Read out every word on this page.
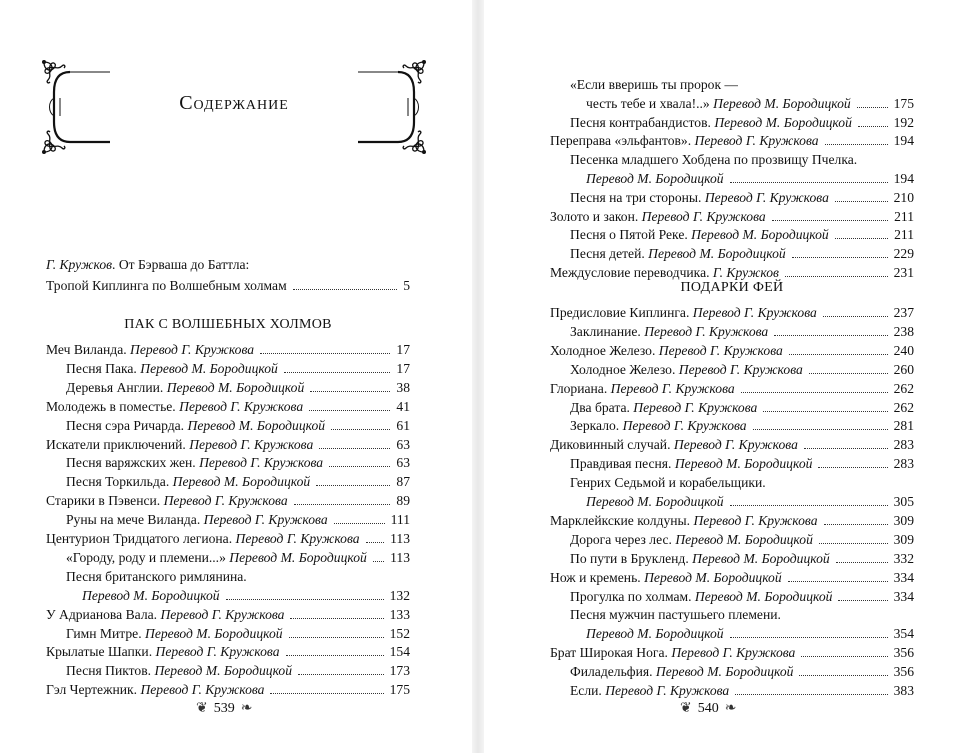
Содержание
Г. Кружков. От Бэрваша до Баттла:
Тропой Киплинга по Волшебным холмам	5
ПАК С ВОЛШЕБНЫХ ХОЛМОВ
Меч Виланда. Перевод Г. Кружкова	17
Песня Пака. Перевод М. Бородицкой	17
Деревья Англии. Перевод М. Бородицкой	38
Молодежь в поместье. Перевод Г. Кружкова	41
Песня сэра Ричарда. Перевод М. Бородицкой	61
Искатели приключений. Перевод Г. Кружкова	63
Песня варяжских жен. Перевод Г. Кружкова	63
Песня Торкильда. Перевод М. Бородицкой	87
Старики в Пэвенси. Перевод Г. Кружкова	89
Руны на мече Виланда. Перевод Г. Кружкова	111
Центурион Тридцатого легиона. Перевод Г. Кружкова 113
«Городу, роду и племени...» Перевод М. Бородицкой 113
Песня британского римлянина.
Перевод М. Бородицкой	132
У Адрианова Вала. Перевод Г. Кружкова	133
Гимн Митре. Перевод М. Бородицкой	152
Крылатые Шапки. Перевод Г. Кружкова	154
Песня Пиктов. Перевод М. Бородицкой	173
Гэл Чертежник. Перевод Г. Кружкова	175
❦ 539 ❧
«Если вверишь ты пророк —
честь тебе и хвала!..» Перевод М. Бородицкой	175
Песня контрабандистов. Перевод М. Бородицкой	192
Переправа «эльфантов». Перевод Г. Кружкова	194
Песенка младшего Хобдена по прозвищу Пчелка.
Перевод М. Бородицкой	194
Песня на три стороны. Перевод Г. Кружкова	210
Золото и закон. Перевод Г. Кружкова	211
Песня о Пятой Реке. Перевод М. Бородицкой	211
Песня детей. Перевод М. Бородицкой	229
Междусловие переводчика. Г. Кружков	231
ПОДАРКИ ФЕЙ
Предисловие Киплинга. Перевод Г. Кружкова	237
Заклинание. Перевод Г. Кружкова	238
Холодное Железо. Перевод Г. Кружкова	240
Холодное Железо. Перевод Г. Кружкова	260
Глориана. Перевод Г. Кружкова	262
Два брата. Перевод Г. Кружкова	262
Зеркало. Перевод Г. Кружкова	281
Диковинный случай. Перевод Г. Кружкова	283
Правдивая песня. Перевод М. Бородицкой	283
Генрих Седьмой и корабельщики.
Перевод М. Бородицкой	305
Марклейкские колдуны. Перевод Г. Кружкова	309
Дорога через лес. Перевод М. Бородицкой	309
По пути в Брукленд. Перевод М. Бородицкой	332
Нож и кремень. Перевод М. Бородицкой	334
Прогулка по холмам. Перевод М. Бородицкой	334
Песня мужчин пастушьего племени.
Перевод М. Бородицкой	354
Брат Широкая Нога. Перевод Г. Кружкова	356
Филадельфия. Перевод М. Бородицкой	356
Если. Перевод Г. Кружкова	383
❦ 540 ❧
